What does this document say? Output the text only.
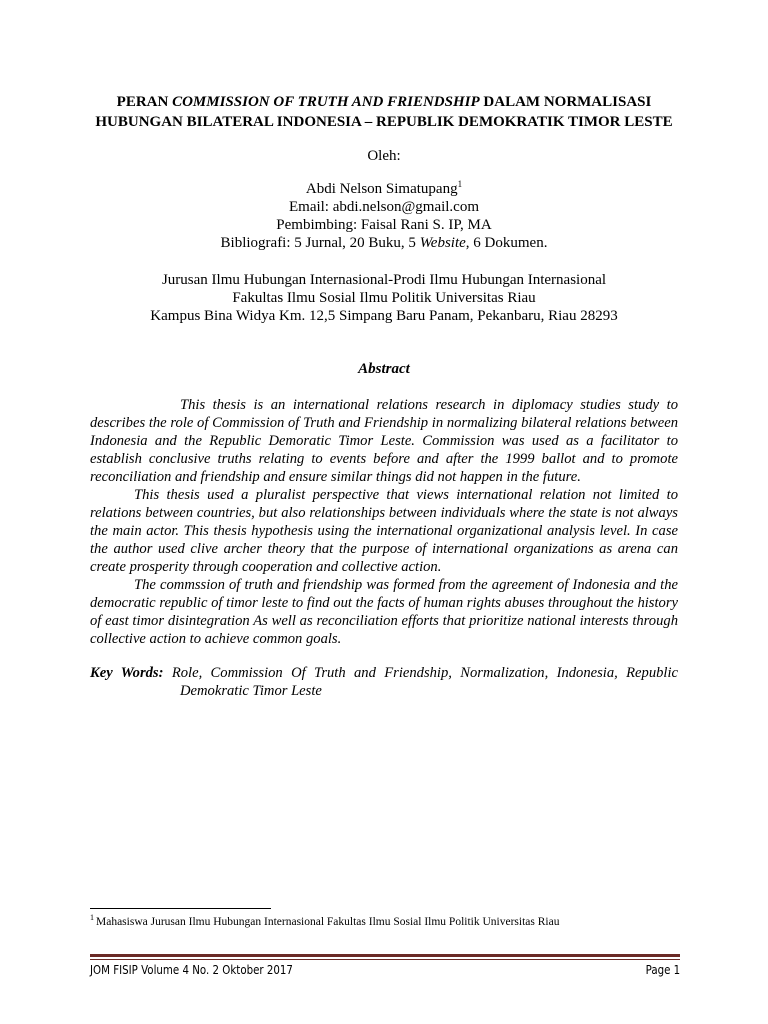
PERAN COMMISSION OF TRUTH AND FRIENDSHIP DALAM NORMALISASI
HUBUNGAN BILATERAL INDONESIA – REPUBLIK DEMOKRATIK TIMOR LESTE
Oleh:
Abdi Nelson Simatupang$^1$
Email: abdi.nelson@gmail.com
Pembimbing: Faisal Rani S. IP, MA
Bibliografi: 5 Jurnal, 20 Buku, 5 Website, 6 Dokumen.
Jurusan Ilmu Hubungan Internasional-Prodi Ilmu Hubungan Internasional
Fakultas Ilmu Sosial Ilmu Politik Universitas Riau
Kampus Bina Widya Km. 12,5 Simpang Baru Panam, Pekanbaru, Riau 28293
Abstract

This thesis is an international relations research in diplomacy studies study to describes the role of Commission of Truth and Friendship in normalizing bilateral relations between Indonesia and the Republic Demoratic Timor Leste. Commission was used as a facilitator to establish conclusive truths relating to events before and after the 1999 ballot and to promote reconciliation and friendship and ensure similar things did not happen in the future.

This thesis used a pluralist perspective that views international relation not limited to relations between countries, but also relationships between individuals where the state is not always the main actor. This thesis hypothesis using the international organizational analysis level. In case the author used clive archer theory that the purpose of international organizations as arena can create prosperity through cooperation and collective action.

The commssion of truth and friendship was formed from the agreement of Indonesia and the democratic republic of timor leste to find out the facts of human rights abuses throughout the history of east timor disintegration As well as reconciliation efforts that prioritize national interests through collective action to achieve common goals.

Key Words: Role, Commission Of Truth and Friendship, Normalization, Indonesia, Republic Demokratic Timor Leste
$^1$ Mahasiswa Jurusan Ilmu Hubungan Internasional Fakultas Ilmu Sosial Ilmu Politik Universitas Riau
JOM FISIP Volume 4 No. 2 Oktober 2017	Page 1
